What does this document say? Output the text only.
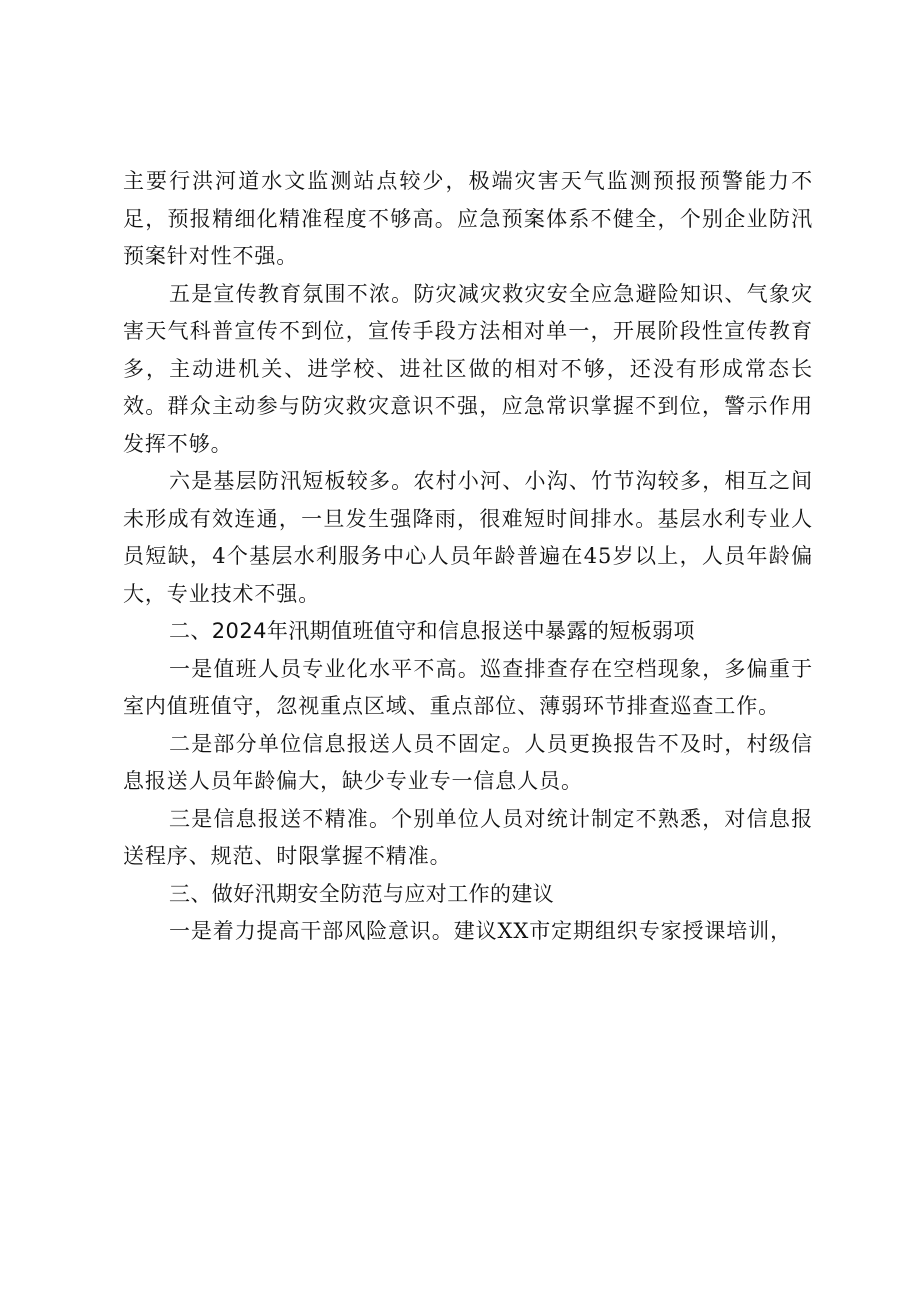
主要行洪河道水文监测站点较少，极端灾害天气监测预报预警能力不足，预报精细化精准程度不够高。应急预案体系不健全，个别企业防汛预案针对性不强。

五是宣传教育氛围不浓。防灾减灾救灾安全应急避险知识、气象灾害天气科普宣传不到位，宣传手段方法相对单一，开展阶段性宣传教育多，主动进机关、进学校、进社区做的相对不够，还没有形成常态长效。群众主动参与防灾救灾意识不强，应急常识掌握不到位，警示作用发挥不够。

六是基层防汛短板较多。农村小河、小沟、竹节沟较多，相互之间未形成有效连通，一旦发生强降雨，很难短时间排水。基层水利专业人员短缺，4个基层水利服务中心人员年龄普遍在45岁以上，人员年龄偏大，专业技术不强。

二、2024年汛期值班值守和信息报送中暴露的短板弱项

一是值班人员专业化水平不高。巡查排查存在空档现象，多偏重于室内值班值守，忽视重点区域、重点部位、薄弱环节排查巡查工作。

二是部分单位信息报送人员不固定。人员更换报告不及时，村级信息报送人员年龄偏大，缺少专业专一信息人员。

三是信息报送不精准。个别单位人员对统计制定不熟悉，对信息报送程序、规范、时限掌握不精准。

三、做好汛期安全防范与应对工作的建议

一是着力提高干部风险意识。建议XX市定期组织专家授课培训，
